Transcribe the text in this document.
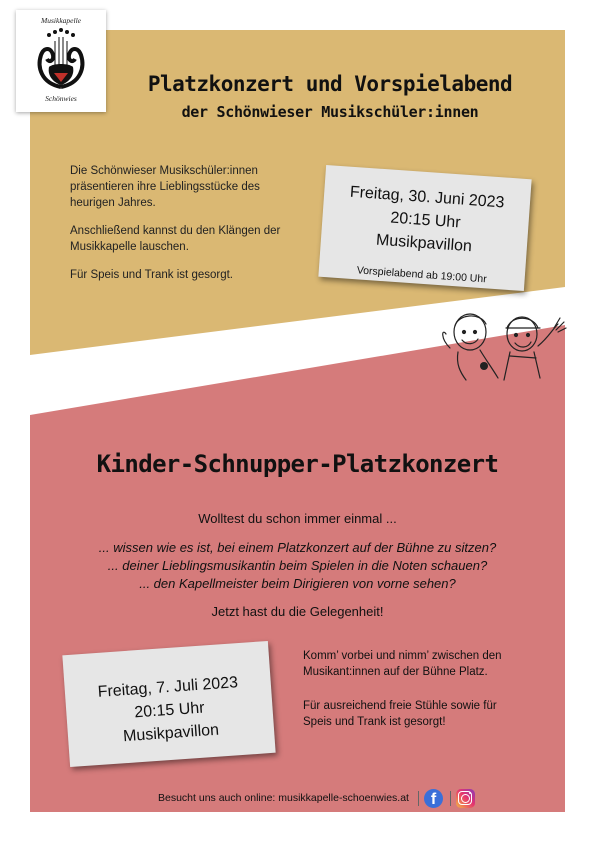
Musikkapelle
Schönwies
Platzkonzert und Vorspielabend
der Schönwieser Musikschüler:innen

Die Schönwieser Musikschüler:innen präsentieren ihre Lieblingsstücke des heurigen Jahres.

Anschließend kannst du den Klängen der Musikkapelle lauschen.

Für Speis und Trank ist gesorgt.

Freitag, 30. Juni 2023
20:15 Uhr
Musikpavillon
Vorspielabend ab 19:00 Uhr
Kinder-Schnupper-Platzkonzert
Wolltest du schon immer einmal ...
... wissen wie es ist, bei einem Platzkonzert auf der Bühne zu sitzen?
... deiner Lieblingsmusikantin beim Spielen in die Noten schauen?
... den Kapellmeister beim Dirigieren von vorne sehen?
Jetzt hast du die Gelegenheit!
Freitag, 7. Juli 2023
20:15 Uhr
Musikpavillon

Komm’ vorbei und nimm’ zwischen den Musikant:innen auf der Bühne Platz.

Für ausreichend freie Stühle sowie für Speis und Trank ist gesorgt!

Besucht uns auch online: musikkapelle-schoenwies.at	f
